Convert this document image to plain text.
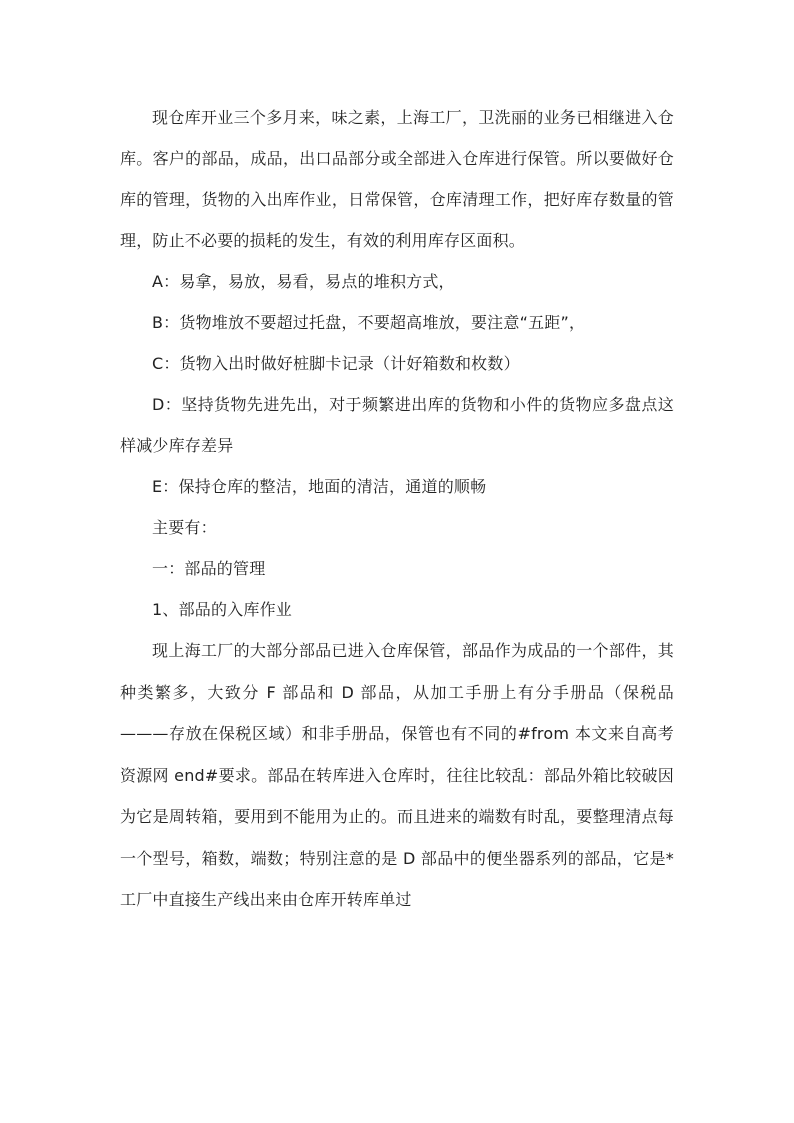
现仓库开业三个多月来，味之素，上海工厂，卫洗丽的业务已相继进入仓库。客户的部品，成品，出口品部分或全部进入仓库进行保管。所以要做好仓库的管理，货物的入出库作业，日常保管，仓库清理工作，把好库存数量的管理，防止不必要的损耗的发生，有效的利用库存区面积。

A：易拿，易放，易看，易点的堆积方式，

B：货物堆放不要超过托盘，不要超高堆放，要注意“五距”，

C：货物入出时做好桩脚卡记录（计好箱数和枚数）

D：坚持货物先进先出，对于频繁进出库的货物和小件的货物应多盘点这样减少库存差异

E：保持仓库的整洁，地面的清洁，通道的顺畅

主要有：

一：部品的管理

1、部品的入库作业

现上海工厂的大部分部品已进入仓库保管，部品作为成品的一个部件，其种类繁多，大致分 F 部品和 D 部品，从加工手册上有分手册品（保税品———存放在保税区域）和非手册品，保管也有不同的#from 本文来自高考资源网 end#要求。部品在转库进入仓库时，往往比较乱：部品外箱比较破因为它是周转箱，要用到不能用为止的。而且进来的端数有时乱，要整理清点每一个型号，箱数，端数；特别注意的是 D 部品中的便坐器系列的部品，它是*工厂中直接生产线出来由仓库开转库单过
